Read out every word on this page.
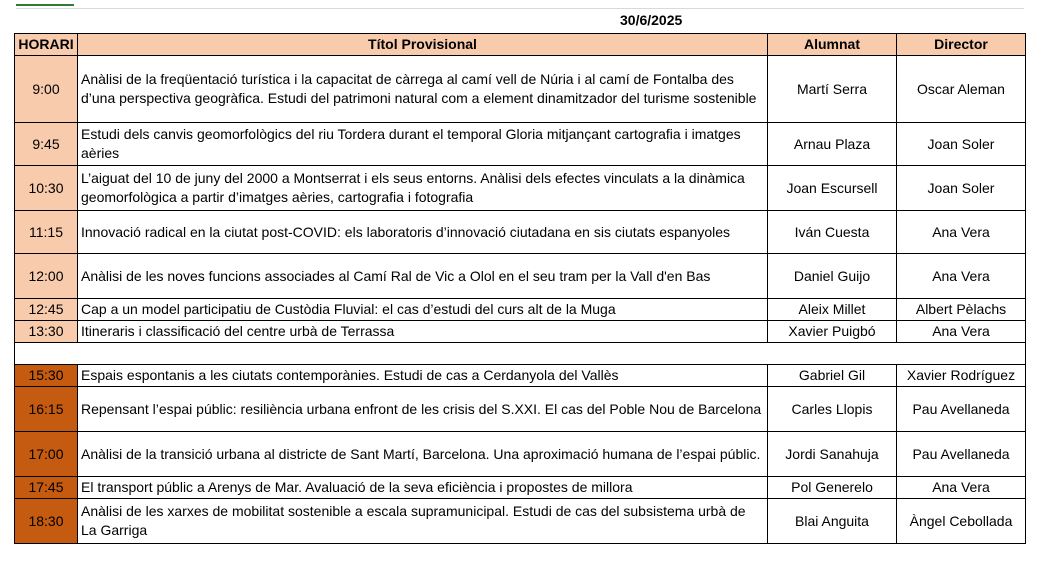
30/6/2025
HORARI	Títol Provisional	Alumnat	Director
9:00	Anàlisi de la freqüentació turística i la capacitat de càrrega al camí vell de Núria i al camí de Fontalba des d’una perspectiva geogràfica. Estudi del patrimoni natural com a element dinamitzador del turisme sostenible	Martí Serra	Oscar Aleman
9:45	Estudi dels canvis geomorfològics del riu Tordera durant el temporal Gloria mitjançant cartografia i imatges aèries	Arnau Plaza	Joan Soler
10:30	L’aiguat del 10 de juny del 2000 a Montserrat i els seus entorns. Anàlisi dels efectes vinculats a la dinàmica geomorfològica a partir d’imatges aèries, cartografia i fotografia	Joan Escursell	Joan Soler
11:15	Innovació radical en la ciutat post-COVID: els laboratoris d’innovació ciutadana en sis ciutats espanyoles	Iván Cuesta	Ana Vera
12:00	Anàlisi de les noves funcions associades al Camí Ral de Vic a Olol en el seu tram per la Vall d'en Bas	Daniel Guijo	Ana Vera
12:45	Cap a un model participatiu de Custòdia Fluvial: el cas d’estudi del curs alt de la Muga	Aleix Millet	Albert Pèlachs
13:30	Itineraris i classificació del centre urbà de Terrassa	Xavier Puigbó	Ana Vera

15:30	Espais espontanis a les ciutats contemporànies. Estudi de cas a Cerdanyola del Vallès	Gabriel Gil	Xavier Rodríguez
16:15	Repensant l’espai públic: resiliència urbana enfront de les crisis del S.XXI. El cas del Poble Nou de Barcelona	Carles Llopis	Pau Avellaneda
17:00	Anàlisi de la transició urbana al districte de Sant Martí, Barcelona. Una aproximació humana de l’espai públic.	Jordi Sanahuja	Pau Avellaneda
17:45	El transport públic a Arenys de Mar. Avaluació de la seva eficiència i propostes de millora	Pol Generelo	Ana Vera
18:30	Anàlisi de les xarxes de mobilitat sostenible a escala supramunicipal. Estudi de cas del subsistema urbà de La Garriga	Blai Anguita	Àngel Cebollada
